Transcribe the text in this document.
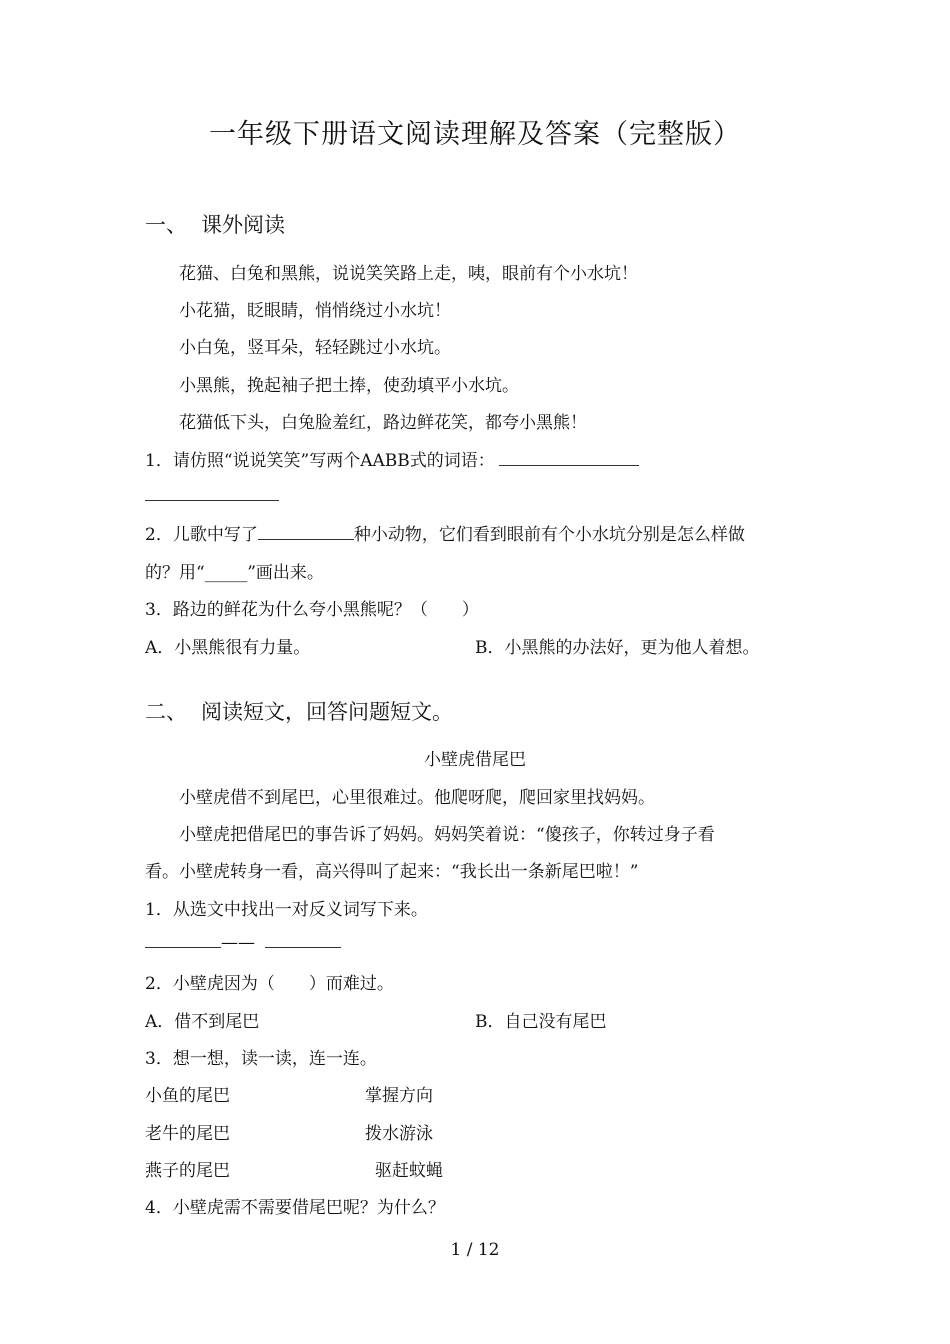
一年级下册语文阅读理解及答案（完整版）
一、 课外阅读
花猫、白兔和黑熊，说说笑笑路上走，咦，眼前有个小水坑！
小花猫，眨眼睛，悄悄绕过小水坑！
小白兔，竖耳朵，轻轻跳过小水坑。
小黑熊，挽起袖子把土捧，使劲填平小水坑。
花猫低下头，白兔脸羞红，路边鲜花笑，都夸小黑熊！
1．请仿照“说说笑笑”写两个AABB式的词语：
2．儿歌中写了	种小动物，它们看到眼前有个小水坑分别是怎么样做
的？用“_____”画出来。
3．路边的鲜花为什么夸小黑熊呢？（　　）
A．小黑熊很有力量。	B．小黑熊的办法好，更为他人着想。
二、 阅读短文，回答问题短文。
小壁虎借尾巴
小壁虎借不到尾巴，心里很难过。他爬呀爬，爬回家里找妈妈。
小壁虎把借尾巴的事告诉了妈妈。妈妈笑着说：“傻孩子，你转过身子看
看。小壁虎转身一看，高兴得叫了起来：“我长出一条新尾巴啦！”
1．从选文中找出一对反义词写下来。
——
2．小壁虎因为（　　）而难过。
A．借不到尾巴	B．自己没有尾巴
3．想一想，读一读，连一连。
小鱼的尾巴	掌握方向
老牛的尾巴	拨水游泳
燕子的尾巴	驱赶蚊蝇
4．小壁虎需不需要借尾巴呢？为什么？
1 / 12
